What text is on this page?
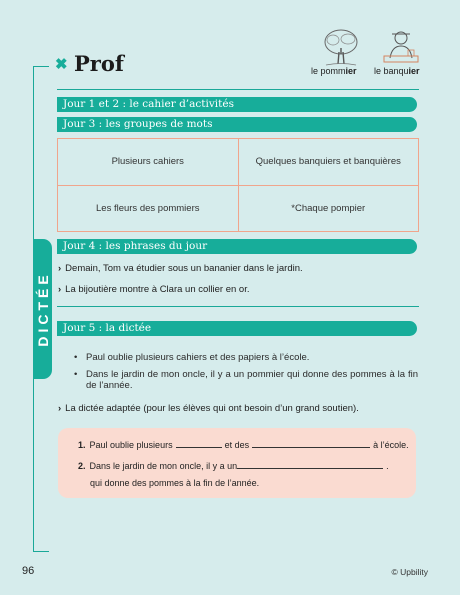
✖ Prof	le pommier le banquier
Jour 1 et 2 : le cahier d’activités
Jour 3 : les groupes de mots
Plusieurs cahiers	Quelques banquiers et banquières
Les fleurs des pommiers	*Chaque pompier
DICTÉE
Jour 4 : les phrases du jour
› Demain, Tom va étudier sous un bananier dans le jardin.
› La bijoutière montre à Clara un collier en or.
Jour 5 : la dictée
• Paul oublie plusieurs cahiers et des papiers à l’école.
• Dans le jardin de mon oncle, il y a un pommier qui donne des pommes à la fin de l’année.
› La dictée adaptée (pour les élèves qui ont besoin d’un grand soutien).
1. Paul oublie plusieurs	et des	à l’école.
2. Dans le jardin de mon oncle, il y a un	.
qui donne des pommes à la fin de l’année.
96	© Upbility
